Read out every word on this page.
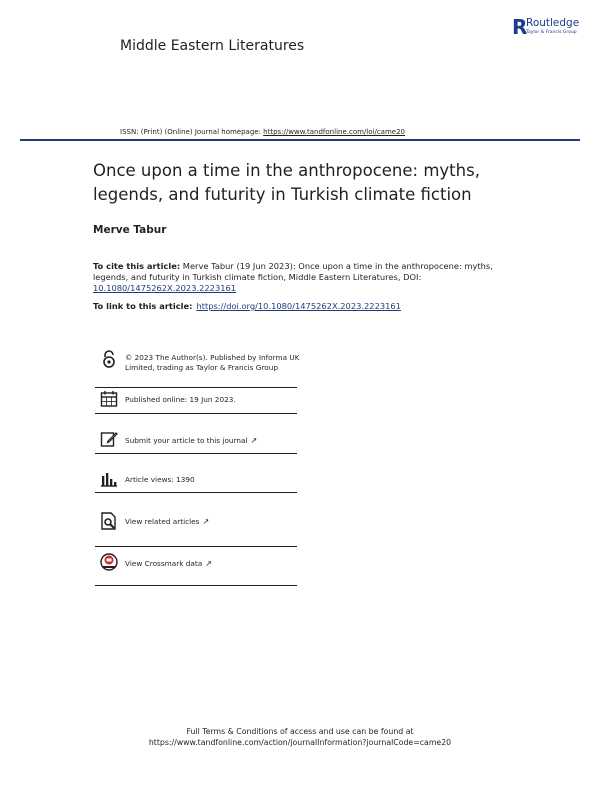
Middle Eastern Literatures
R
Routledge
Taylor & Francis Group
ISSN: (Print) (Online) Journal homepage: https://www.tandfonline.com/loi/came20
Once upon a time in the anthropocene: myths, legends, and futurity in Turkish climate fiction
Merve Tabur
To cite this article: Merve Tabur (19 Jun 2023): Once upon a time in the anthropocene: myths, legends, and futurity in Turkish climate fiction, Middle Eastern Literatures, DOI: 10.1080/1475262X.2023.2223161
To link to this article: https://doi.org/10.1080/1475262X.2023.2223161
© 2023 The Author(s). Published by Informa UK Limited, trading as Taylor & Francis Group
Published online: 19 Jun 2023.
Submit your article to this journal ↗
Article views: 1390
View related articles ↗
View Crossmark data ↗
Full Terms & Conditions of access and use can be found at
https://www.tandfonline.com/action/journalInformation?journalCode=came20
